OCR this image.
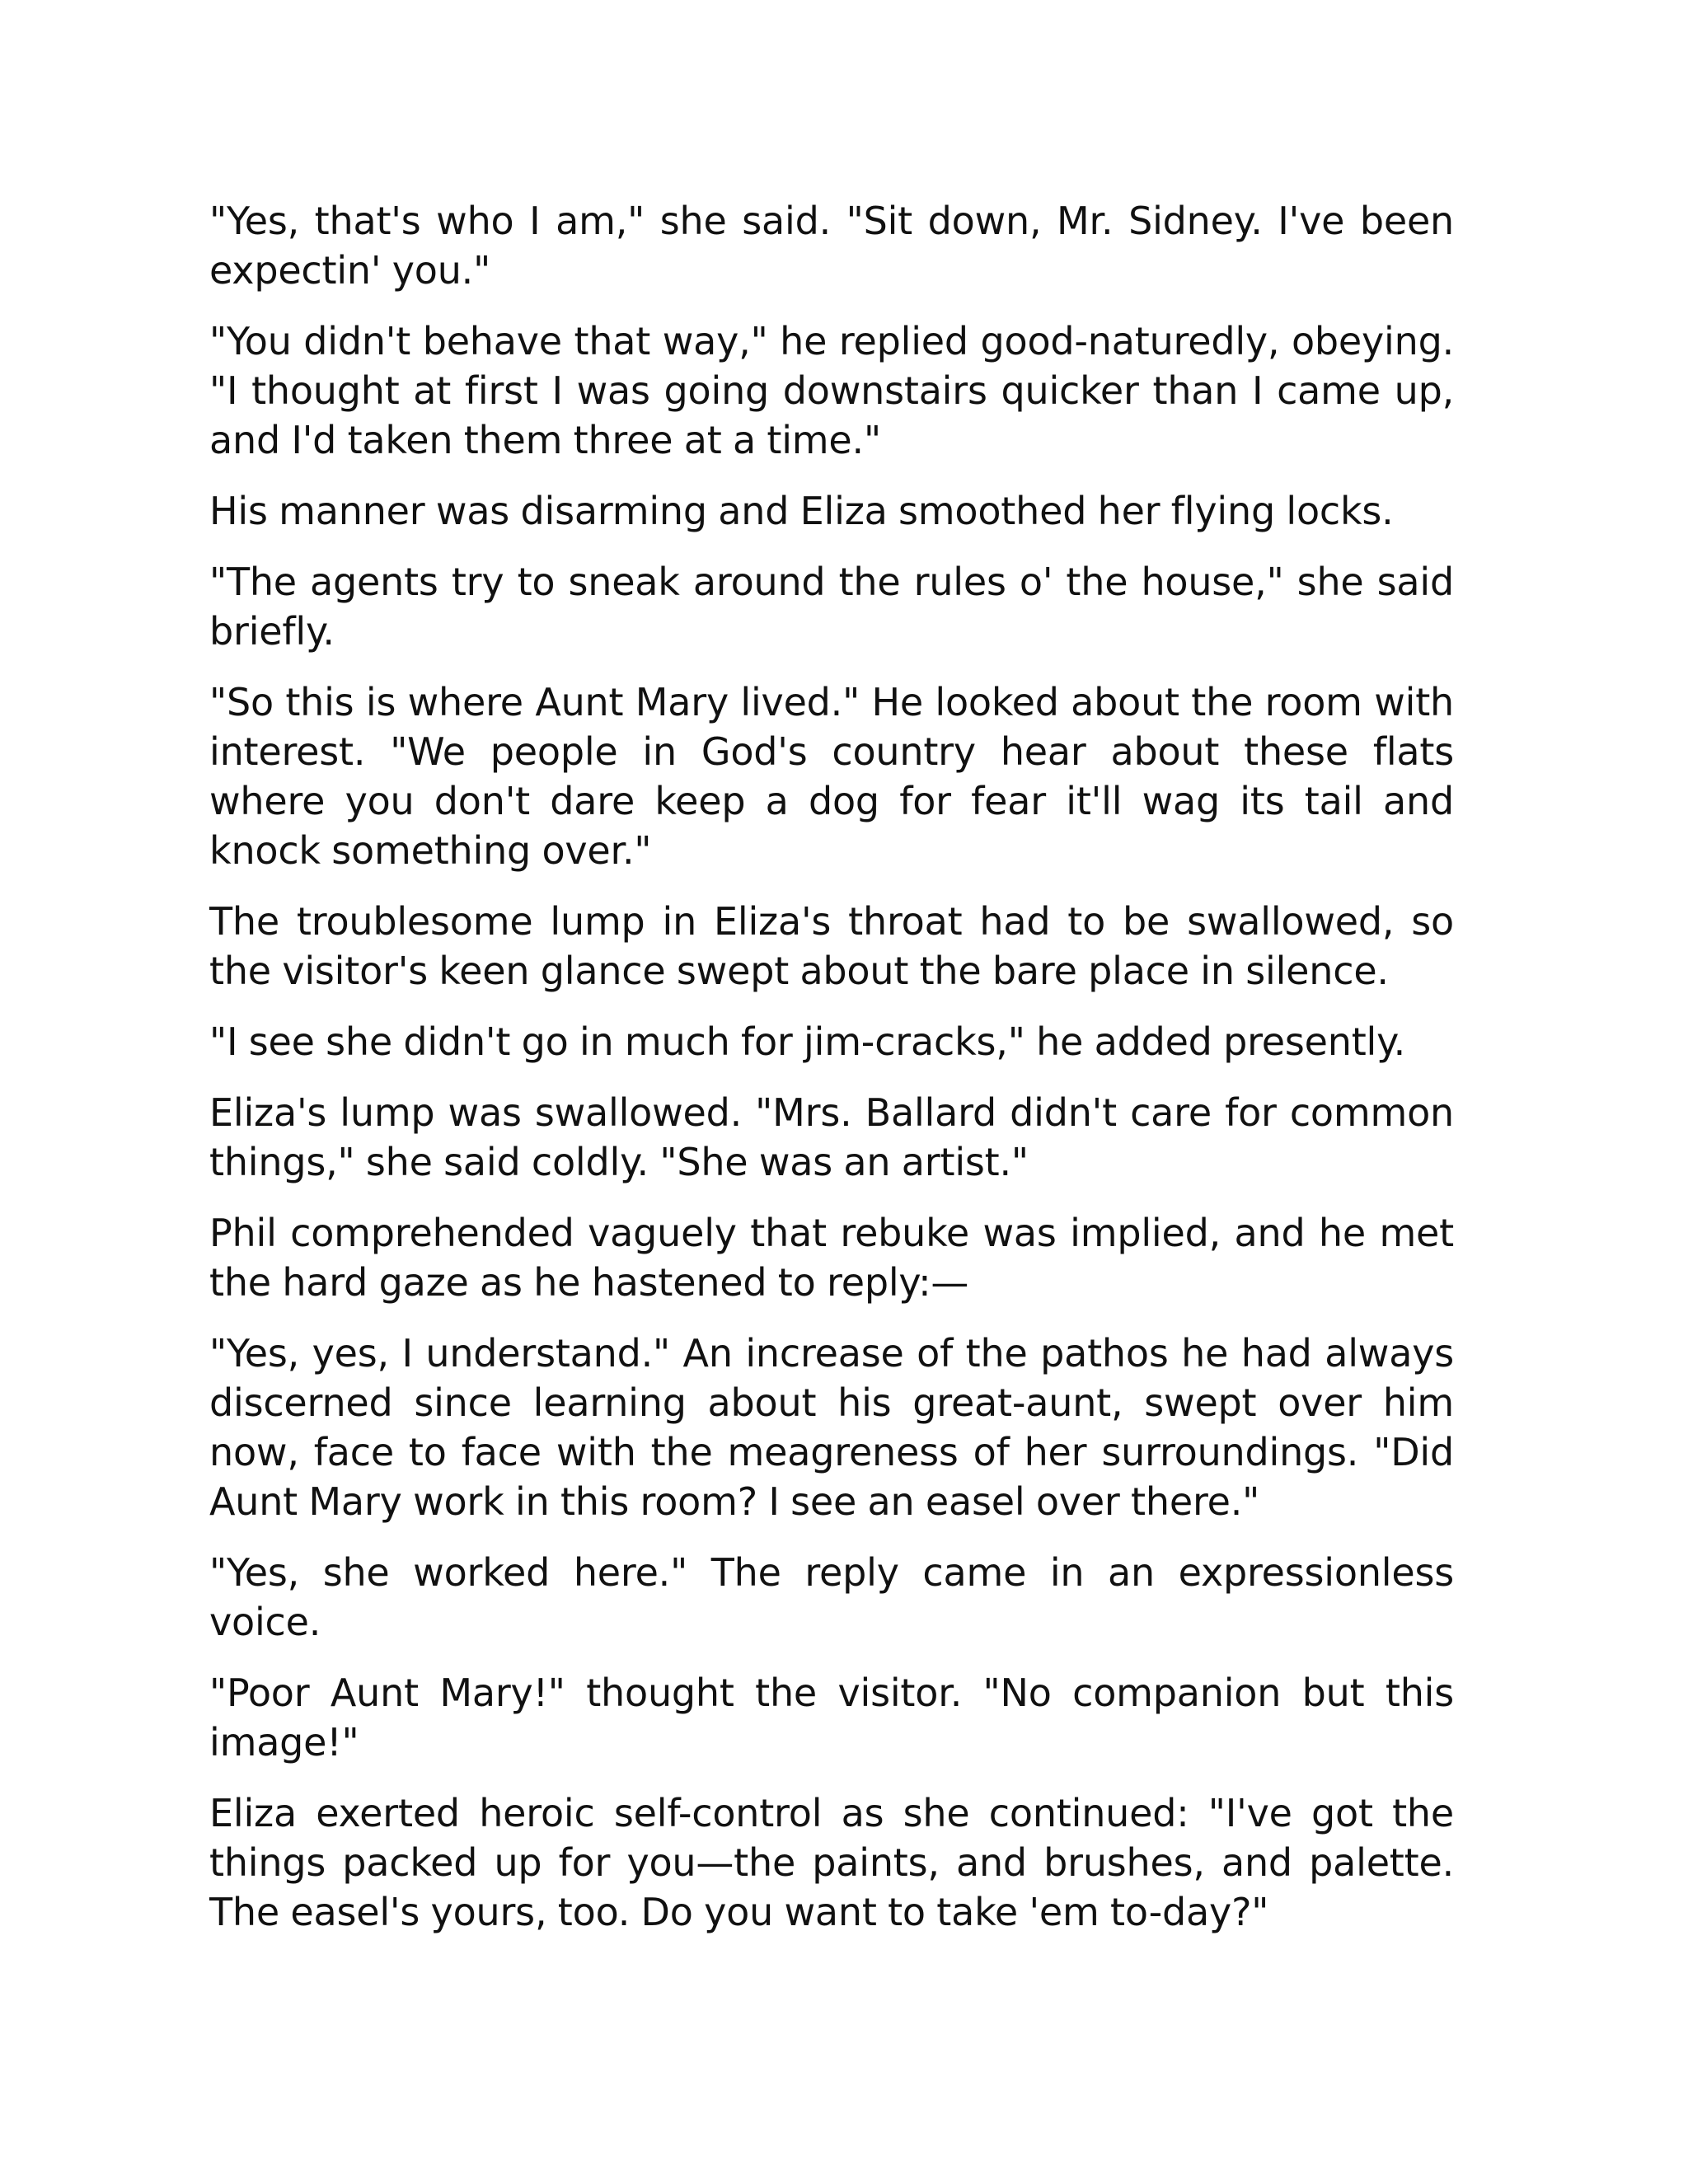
"Yes, that's who I am," she said. "Sit down, Mr. Sidney. I've been expectin' you."

"You didn't behave that way," he replied good-naturedly, obeying. "I thought at first I was going downstairs quicker than I came up, and I'd taken them three at a time."

His manner was disarming and Eliza smoothed her flying locks.

"The agents try to sneak around the rules o' the house," she said briefly.

"So this is where Aunt Mary lived." He looked about the room with interest. "We people in God's country hear about these flats where you don't dare keep a dog for fear it'll wag its tail and knock something over."

The troublesome lump in Eliza's throat had to be swallowed, so the visitor's keen glance swept about the bare place in silence.

"I see she didn't go in much for jim-cracks," he added presently.

Eliza's lump was swallowed. "Mrs. Ballard didn't care for common things," she said coldly. "She was an artist."

Phil comprehended vaguely that rebuke was implied, and he met the hard gaze as he hastened to reply:—

"Yes, yes, I understand." An increase of the pathos he had always discerned since learning about his great-aunt, swept over him now, face to face with the meagreness of her surroundings. "Did Aunt Mary work in this room? I see an easel over there."

"Yes, she worked here." The reply came in an expressionless voice.

"Poor Aunt Mary!" thought the visitor. "No companion but this image!"

Eliza exerted heroic self-control as she continued: "I've got the things packed up for you—the paints, and brushes, and palette. The easel's yours, too. Do you want to take 'em to-day?"
